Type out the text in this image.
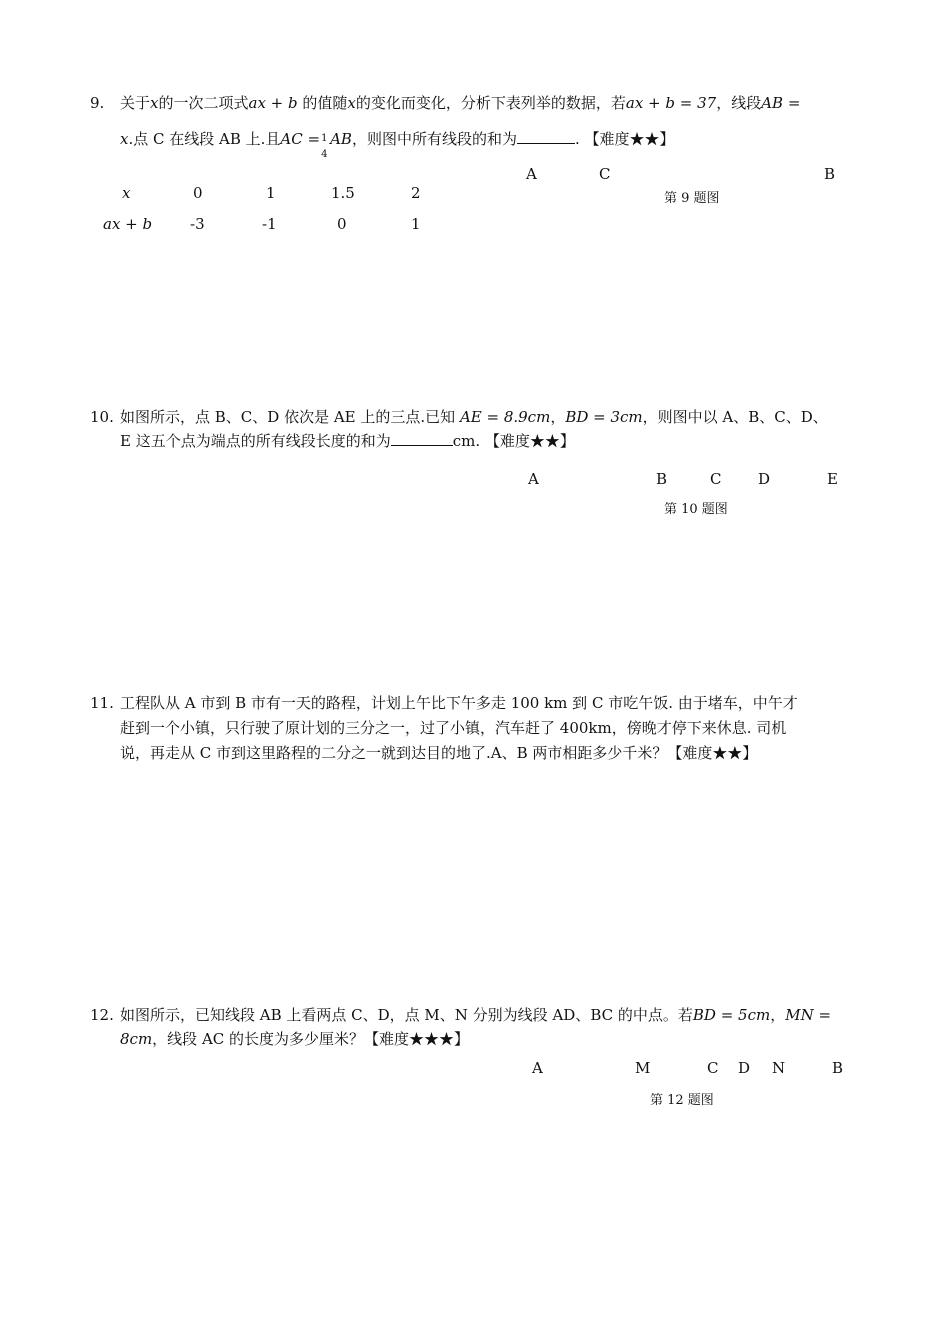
9. 关于x的一次二项式ax + b 的值随x的变化而变化，分析下表列举的数据，若ax + b = 37，线段AB =
x.点 C 在线段 AB 上.且AC = 1
4
AB，则图中所有线段的和为	. 【难度★★】
x	0	1	1.5	2
ax + b	-3	-1	0	1
A	C	B
第 9 题图
10. 如图所示，点 B、C、D 依次是 AE 上的三点.已知 AE = 8.9cm，BD = 3cm，则图中以 A、B、C、D、
E 这五个点为端点的所有线段长度的和为	cm. 【难度★★】
A	B	C D	E
第 10 题图
11. 工程队从 A 市到 B 市有一天的路程，计划上午比下午多走 100 km 到 C 市吃午饭. 由于堵车，中午才
赶到一个小镇，只行驶了原计划的三分之一，过了小镇，汽车赶了 400km，傍晚才停下来休息. 司机
说，再走从 C 市到这里路程的二分之一就到达目的地了.A、B 两市相距多少千米？【难度★★】
12. 如图所示，已知线段 AB 上看两点 C、D，点 M、N 分别为线段 AD、BC 的中点。若BD = 5cm，MN =
8cm，线段 AC 的长度为多少厘米？【难度★★★】
A	M	C D N	B
第 12 题图
